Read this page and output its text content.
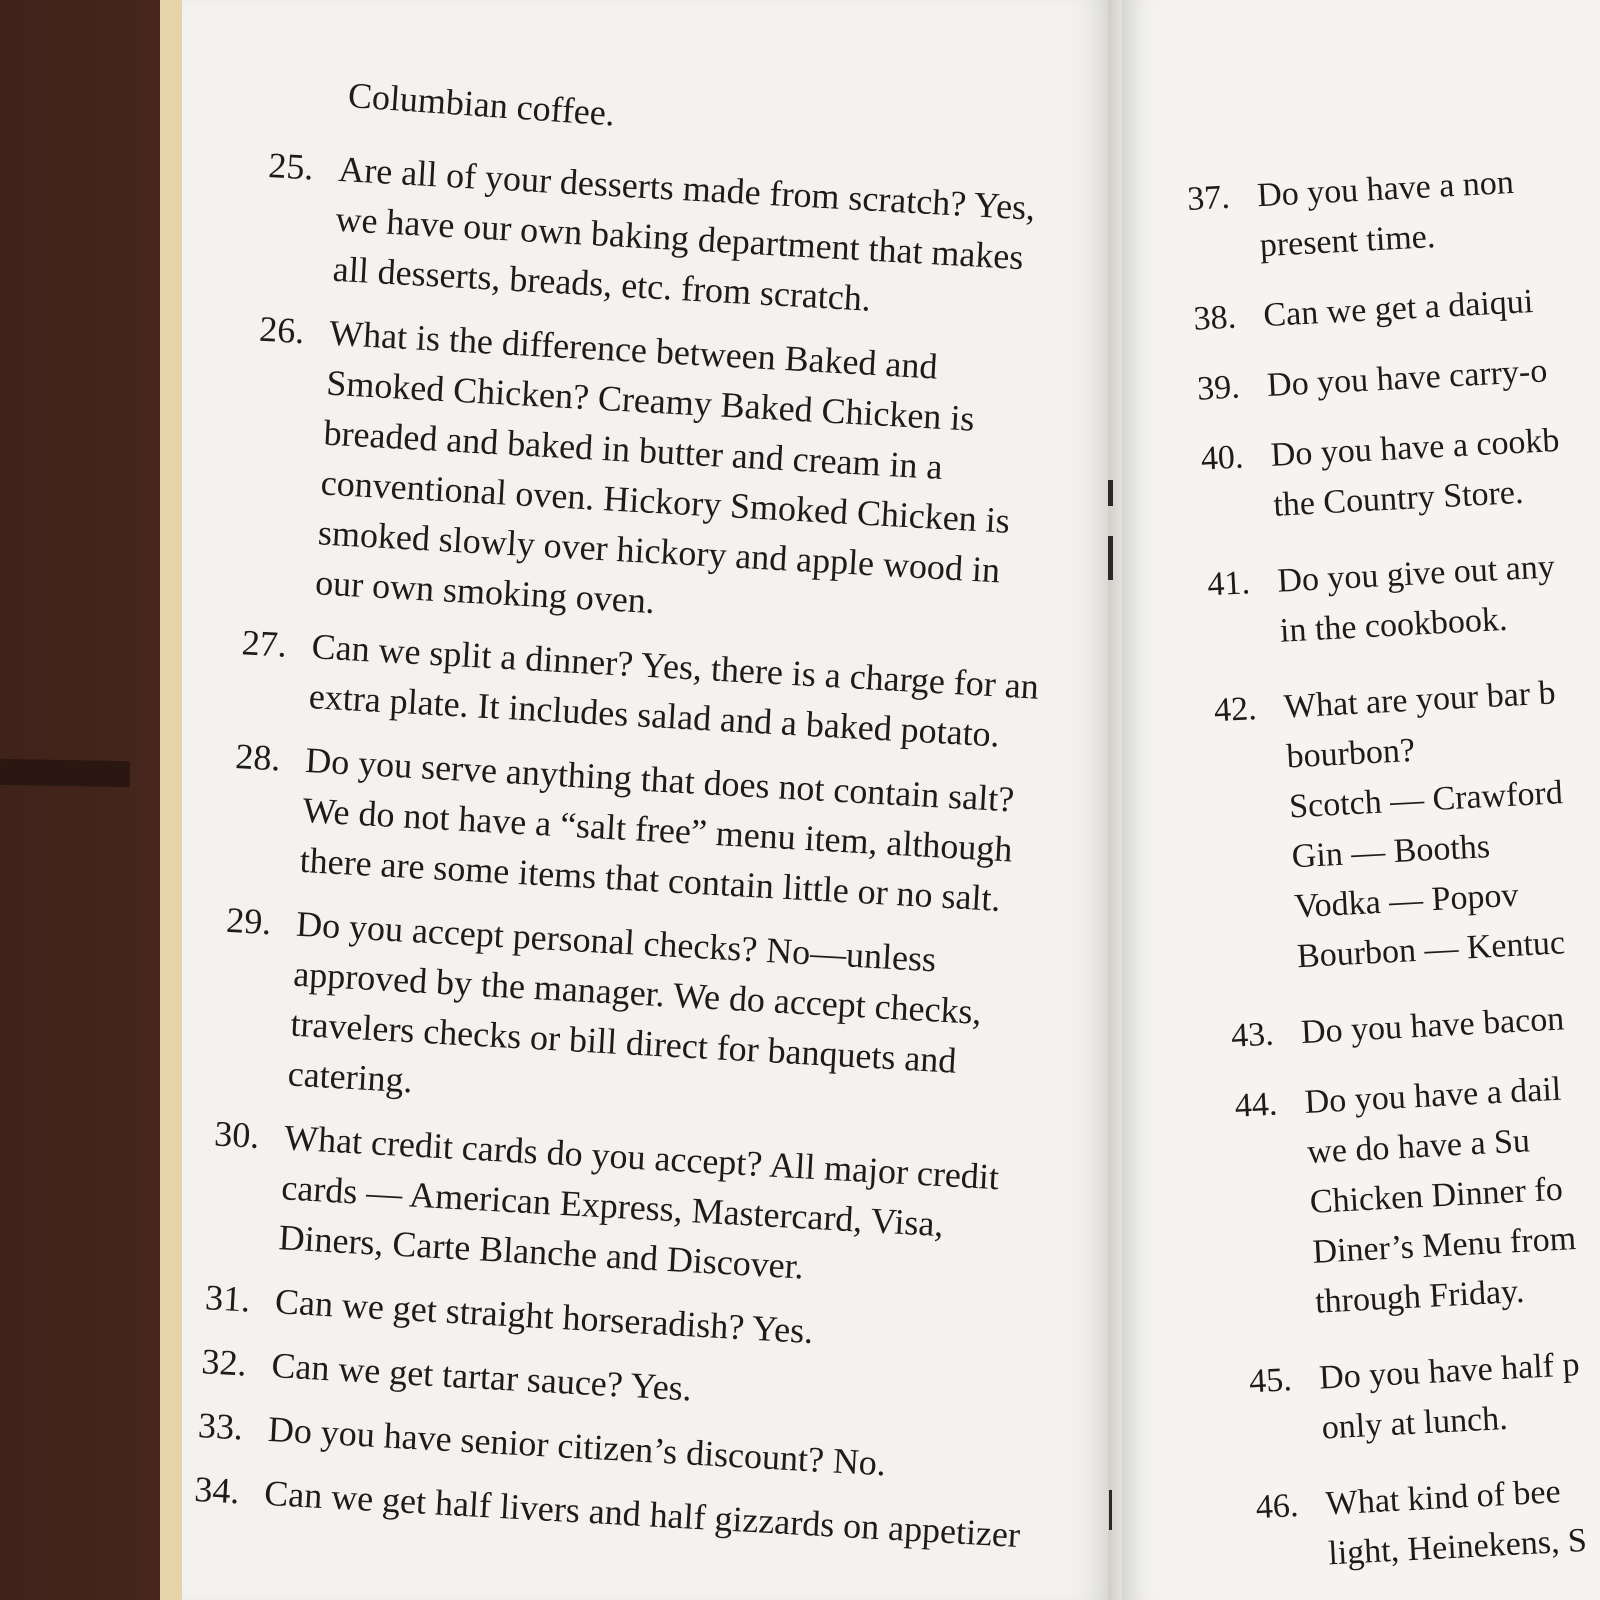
Columbian coffee.
25. Are all of your desserts made from scratch? Yes, we have our own baking department that makes all desserts, breads, etc. from scratch.

26. What is the difference between Baked and Smoked Chicken? Creamy Baked Chicken is breaded and baked in butter and cream in a conventional oven. Hickory Smoked Chicken is smoked slowly over hickory and apple wood in our own smoking oven.

27. Can we split a dinner? Yes, there is a charge for an extra plate. It includes salad and a baked potato.

28. Do you serve anything that does not contain salt? We do not have a “salt free” menu item, although there are some items that contain little or no salt.

29. Do you accept personal checks? No—unless approved by the manager. We do accept checks, travelers checks or bill direct for banquets and catering.

30. What credit cards do you accept? All major credit cards — American Express, Mastercard, Visa, Diners, Carte Blanche and Discover.

31. Can we get straight horseradish? Yes.

32. Can we get tartar sauce? Yes.

33. Do you have senior citizen’s discount? No.

34. Can we get half livers and half gizzards on appetizer

37. Do you have a non
present time.
38. Can we get a daiqui
39. Do you have carry-o
40. Do you have a cookb
the Country Store.
41. Do you give out any
in the cookbook.
42. What are your bar b
bourbon?
Scotch — Crawford
Gin — Booths
Vodka — Popov
Bourbon — Kentuc
43. Do you have bacon
44. Do you have a dail
we do have a Su
Chicken Dinner fo
Diner’s Menu from
through Friday.
45. Do you have half p
only at lunch.
46. What kind of bee
light, Heinekens, S
